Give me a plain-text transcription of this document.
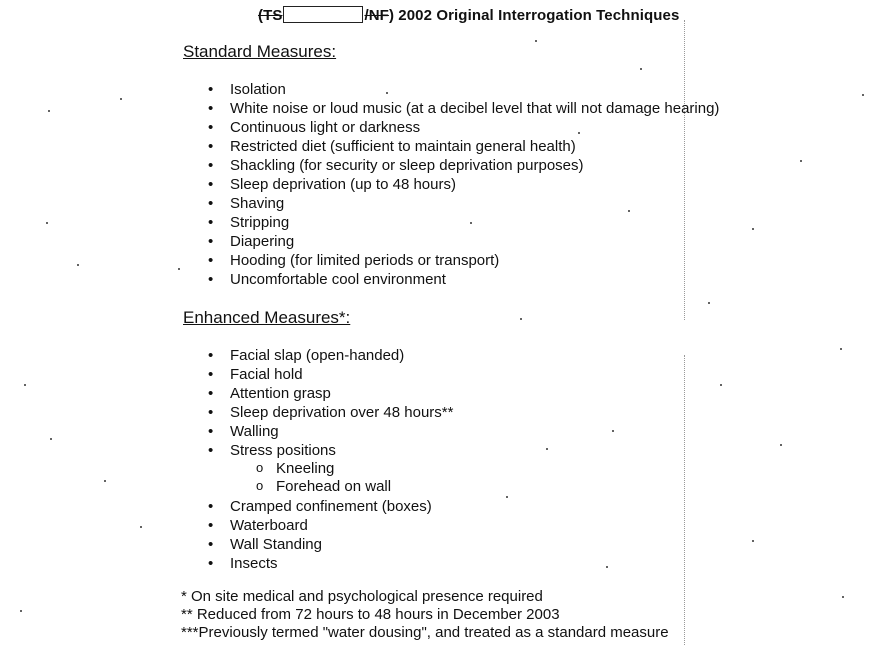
(TS	/NF) 2002 Original Interrogation Techniques
Standard Measures:
• Isolation
• White noise or loud music (at a decibel level that will not damage hearing)
• Continuous light or darkness
• Restricted diet (sufficient to maintain general health)
• Shackling (for security or sleep deprivation purposes)
• Sleep deprivation (up to 48 hours)
• Shaving
• Stripping
• Diapering
• Hooding (for limited periods or transport)
• Uncomfortable cool environment
Enhanced Measures*:
• Facial slap (open-handed)
• Facial hold
• Attention grasp
• Sleep deprivation over 48 hours**
• Walling
• Stress positions
o Kneeling
o Forehead on wall
• Cramped confinement (boxes)
• Waterboard
• Wall Standing
• Insects
* On site medical and psychological presence required
** Reduced from 72 hours to 48 hours in December 2003
***Previously termed "water dousing", and treated as a standard measure
